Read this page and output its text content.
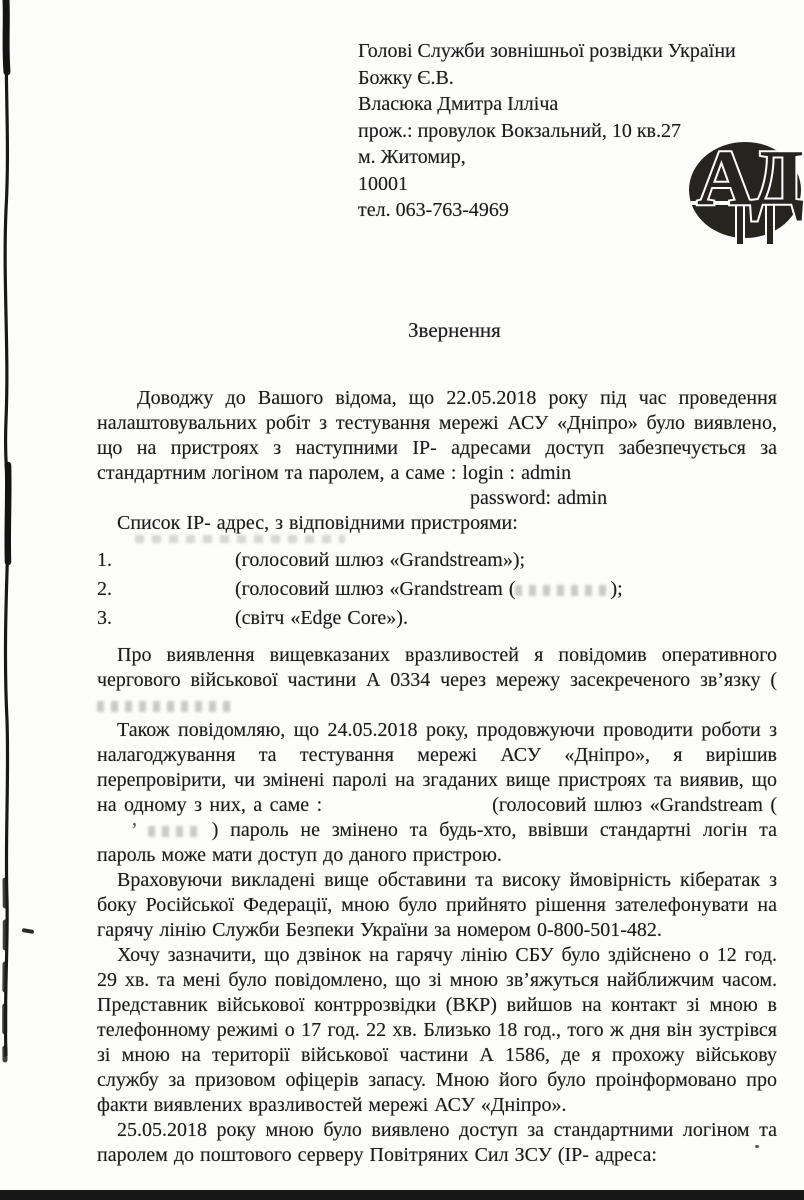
Голові Служби зовнішньої розвідки України
Божку Є.В.
Власюка Дмитра Ілліча
прож.: провулок Вокзальний, 10 кв.27
м. Житомир,
10001
тел. 063-763-4969	АД
Звернення

Доводжу до Вашого відома, що 22.05.2018 року під час проведення налаштовувальних робіт з тестування мережі АСУ «Дніпро» було виявлено, що на пристроях з наступними ІР- адресами доступ забезпечується за стандартним логіном та паролем, а саме : login : admin

password: admin

Список ІР- адрес, з відповідними пристроями:

1.	(голосовий шлюз «Grandstream»);
2.	(голосовий шлюз «Grandstream (	);
3.	(світч «Edge Core»).

Про виявлення вищевказаних вразливостей я повідомив оперативного чергового військової частини А 0334 через мережу засекреченого зв’язку (

Також повідомляю, що 24.05.2018 року, продовжуючи проводити роботи з налагоджування та тестування мережі АСУ «Дніпро», я вирішив перепровірити, чи змінені паролі на згаданих вище пристроях та виявив, що на одному з них, а саме :	(голосовий шлюз «Grandstream (’	) пароль не змінено та будь-хто, ввівши стандартні логін та пароль може мати доступ до даного пристрою.

Враховуючи викладені вище обставини та високу ймовірність кібератак з боку Російської Федерації, мною було прийнято рішення зателефонувати на гарячу лінію Служби Безпеки України за номером 0-800-501-482.

Хочу зазначити, що дзвінок на гарячу лінію СБУ було здійснено о 12 год. 29 хв. та мені було повідомлено, що зі мною зв’яжуться найближчим часом. Представник військової контррозвідки (ВКР) вийшов на контакт зі мною в телефонному режимі о 17 год. 22 хв. Близько 18 год., того ж дня він зустрівся зі мною на території військової частини А 1586, де я прохожу військову службу за призовом офіцерів запасу. Мною його було проінформовано про факти виявлених вразливостей мережі АСУ «Дніпро».

25.05.2018 року мною було виявлено доступ за стандартними логіном та паролем до поштового серверу Повітряних Сил ЗСУ (ІР- адреса:
